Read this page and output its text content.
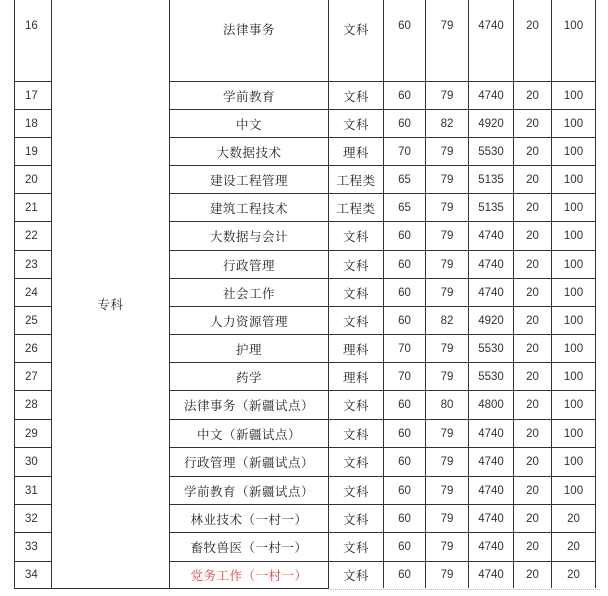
专科
16	法律事务	文科	60	79	4740	20	100
17	学前教育	文科	60	79	4740	20	100
18	中文	文科	60	82	4920	20	100
19	大数据技术	理科	70	79	5530	20	100
20	建设工程管理	工程类	65	79	5135	20	100
21	建筑工程技术	工程类	65	79	5135	20	100
22	大数据与会计	文科	60	79	4740	20	100
23	行政管理	文科	60	79	4740	20	100
24	社会工作	文科	60	79	4740	20	100
25	人力资源管理	文科	60	82	4920	20	100
26	护理	理科	70	79	5530	20	100
27	药学	理科	70	79	5530	20	100
28	法律事务（新疆试点）	文科	60	80	4800	20	100
29	中文（新疆试点）	文科	60	79	4740	20	100
30	行政管理（新疆试点）	文科	60	79	4740	20	100
31	学前教育（新疆试点）	文科	60	79	4740	20	100
32	林业技术（一村一）	文科	60	79	4740	20	20
33	畜牧兽医（一村一）	文科	60	79	4740	20	20
34	党务工作（一村一）	文科	60	79	4740	20	20
